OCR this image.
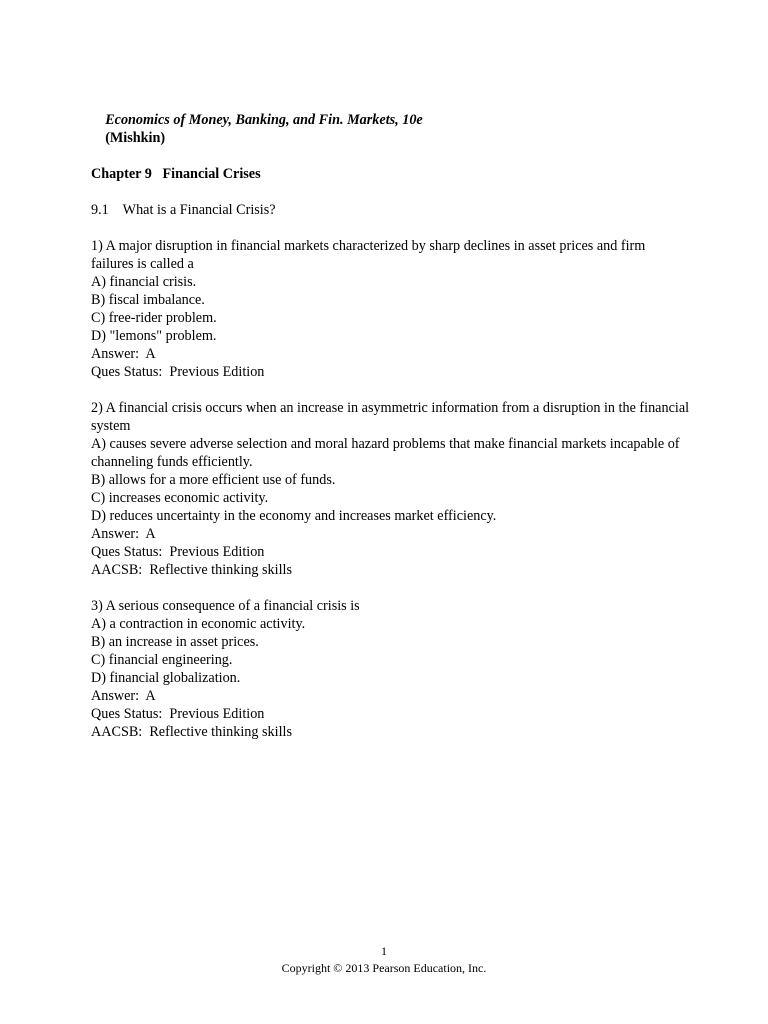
Economics of Money, Banking, and Fin. Markets, 10e
(Mishkin)

Chapter 9 Financial Crises
9.1 What is a Financial Crisis?
1) A major disruption in financial markets characterized by sharp declines in asset prices and firm failures is called a
A) financial crisis.
B) fiscal imbalance.
C) free-rider problem.
D) "lemons" problem.
Answer:  A
Ques Status:  Previous Edition
2) A financial crisis occurs when an increase in asymmetric information from a disruption in the financial system
A) causes severe adverse selection and moral hazard problems that make financial markets incapable of channeling funds efficiently.
B) allows for a more efficient use of funds.
C) increases economic activity.
D) reduces uncertainty in the economy and increases market efficiency.
Answer:  A
Ques Status:  Previous Edition
AACSB:  Reflective thinking skills
3) A serious consequence of a financial crisis is
A) a contraction in economic activity.
B) an increase in asset prices.
C) financial engineering.
D) financial globalization.
Answer:  A
Ques Status:  Previous Edition
AACSB:  Reflective thinking skills
1
Copyright © 2013 Pearson Education, Inc.
